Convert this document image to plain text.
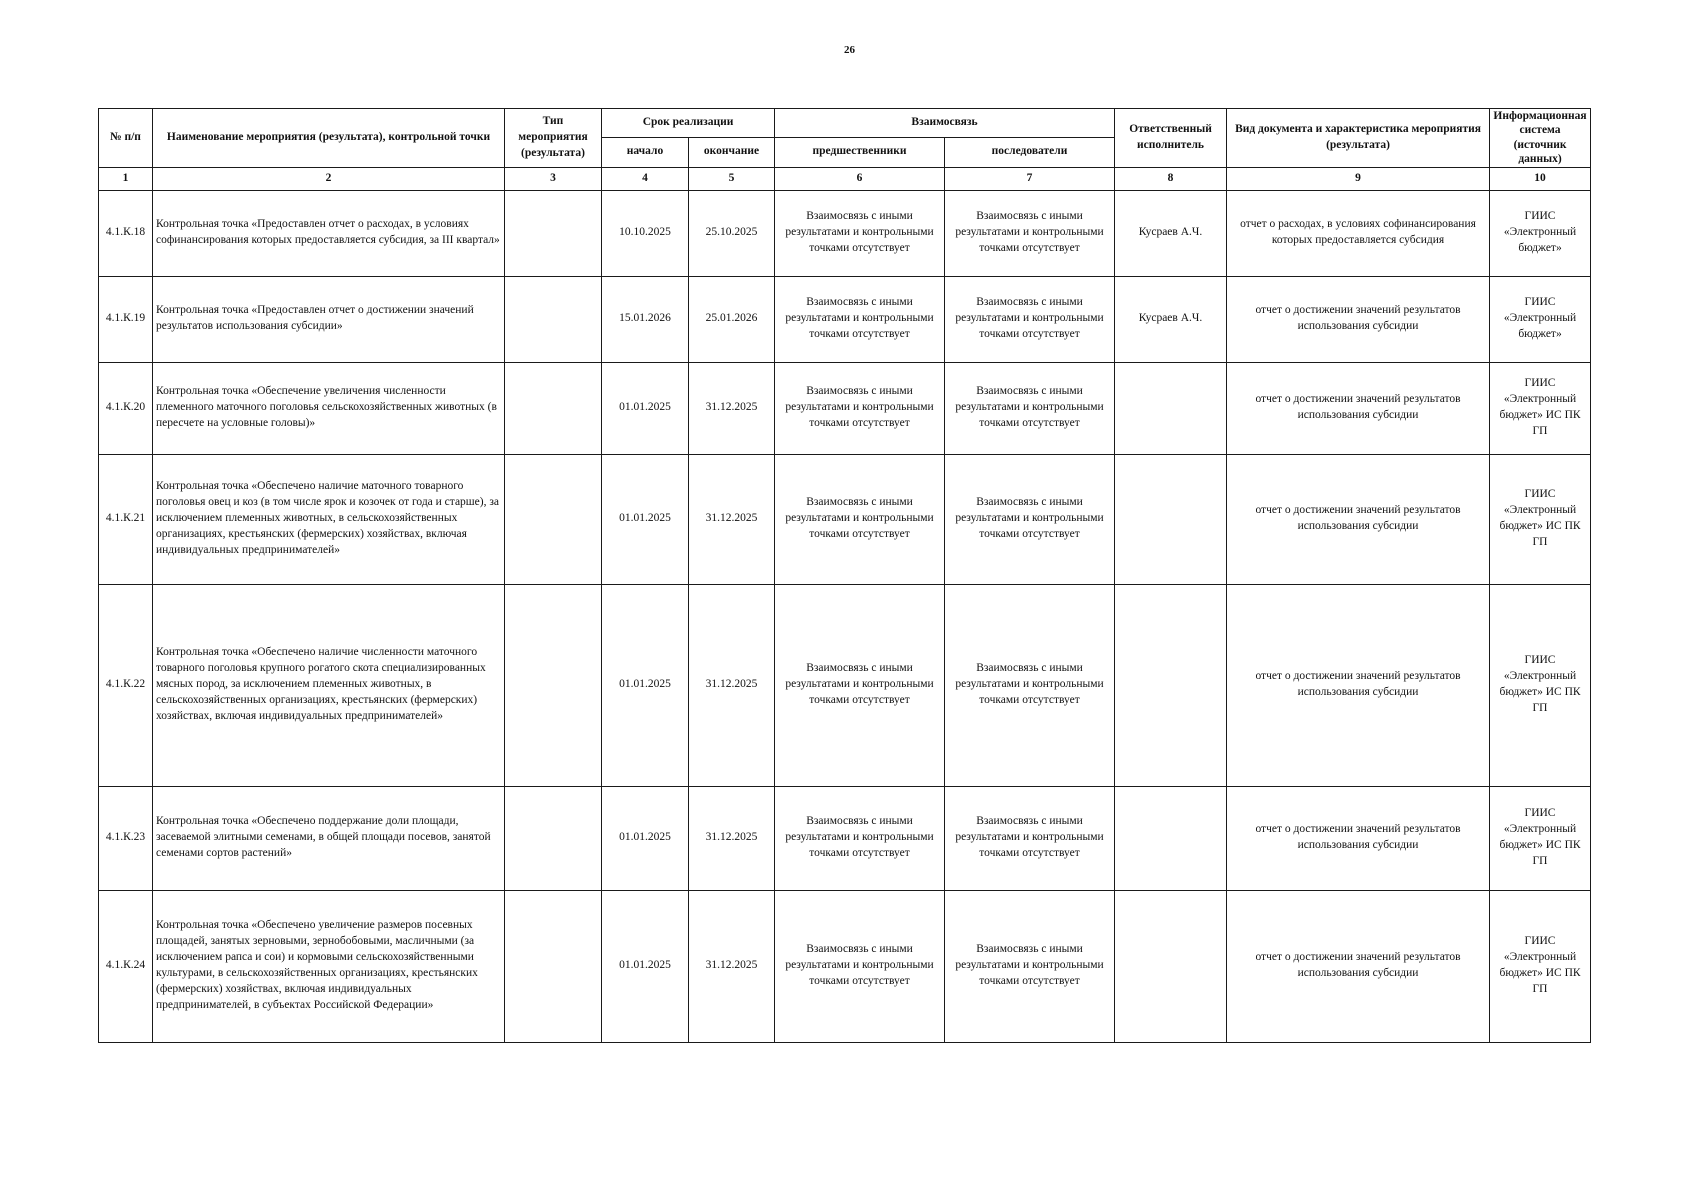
26
№ п/п	Наименование мероприятия (результата), контрольной точки	Тип мероприятия (результата)	Срок реализации		Взаимосвязь		Ответственный исполнитель	Вид документа и характеристика мероприятия (результата)	Информационная система (источник данных)
			начало	окончание	предшественники	последователи			
1	2	3	4	5	6	7	8	9	10
4.1.К.18	Контрольная точка «Предоставлен отчет о расходах, в условиях софинансирования которых предоставляется субсидия, за III квартал»		10.10.2025	25.10.2025	Взаимосвязь с иными результатами и контрольными точками отсутствует	Взаимосвязь с иными результатами и контрольными точками отсутствует	Кусраев А.Ч.	отчет о расходах, в условиях софинансирования которых предоставляется субсидия	ГИИС «Электронный бюджет»
4.1.К.19	Контрольная точка «Предоставлен отчет о достижении значений результатов использования субсидии»		15.01.2026	25.01.2026	Взаимосвязь с иными результатами и контрольными точками отсутствует	Взаимосвязь с иными результатами и контрольными точками отсутствует	Кусраев А.Ч.	отчет о достижении значений результатов использования субсидии	ГИИС «Электронный бюджет»
4.1.К.20	Контрольная точка «Обеспечение увеличения численности племенного маточного поголовья сельскохозяйственных животных (в пересчете на условные головы)»		01.01.2025	31.12.2025	Взаимосвязь с иными результатами и контрольными точками отсутствует	Взаимосвязь с иными результатами и контрольными точками отсутствует		отчет о достижении значений результатов использования субсидии	ГИИС «Электронный бюджет» ИС ПК ГП
4.1.К.21	Контрольная точка «Обеспечено наличие маточного товарного поголовья овец и коз (в том числе ярок и козочек от года и старше), за исключением племенных животных, в сельскохозяйственных организациях, крестьянских (фермерских) хозяйствах, включая индивидуальных предпринимателей»		01.01.2025	31.12.2025	Взаимосвязь с иными результатами и контрольными точками отсутствует	Взаимосвязь с иными результатами и контрольными точками отсутствует		отчет о достижении значений результатов использования субсидии	ГИИС «Электронный бюджет» ИС ПК ГП
4.1.К.22	Контрольная точка «Обеспечено наличие численности маточного товарного поголовья крупного рогатого скота специализированных мясных пород, за исключением племенных животных, в сельскохозяйственных организациях, крестьянских (фермерских) хозяйствах, включая индивидуальных предпринимателей»		01.01.2025	31.12.2025	Взаимосвязь с иными результатами и контрольными точками отсутствует	Взаимосвязь с иными результатами и контрольными точками отсутствует		отчет о достижении значений результатов использования субсидии	ГИИС «Электронный бюджет» ИС ПК ГП
4.1.К.23	Контрольная точка «Обеспечено поддержание доли площади, засеваемой элитными семенами, в общей площади посевов, занятой семенами сортов растений»		01.01.2025	31.12.2025	Взаимосвязь с иными результатами и контрольными точками отсутствует	Взаимосвязь с иными результатами и контрольными точками отсутствует		отчет о достижении значений результатов использования субсидии	ГИИС «Электронный бюджет» ИС ПК ГП
4.1.К.24	Контрольная точка «Обеспечено увеличение размеров посевных площадей, занятых зерновыми, зернобобовыми, масличными (за исключением рапса и сои) и кормовыми сельскохозяйственными культурами, в сельскохозяйственных организациях, крестьянских (фермерских) хозяйствах, включая индивидуальных предпринимателей, в субъектах Российской Федерации»		01.01.2025	31.12.2025	Взаимосвязь с иными результатами и контрольными точками отсутствует	Взаимосвязь с иными результатами и контрольными точками отсутствует		отчет о достижении значений результатов использования субсидии	ГИИС «Электронный бюджет» ИС ПК ГП
